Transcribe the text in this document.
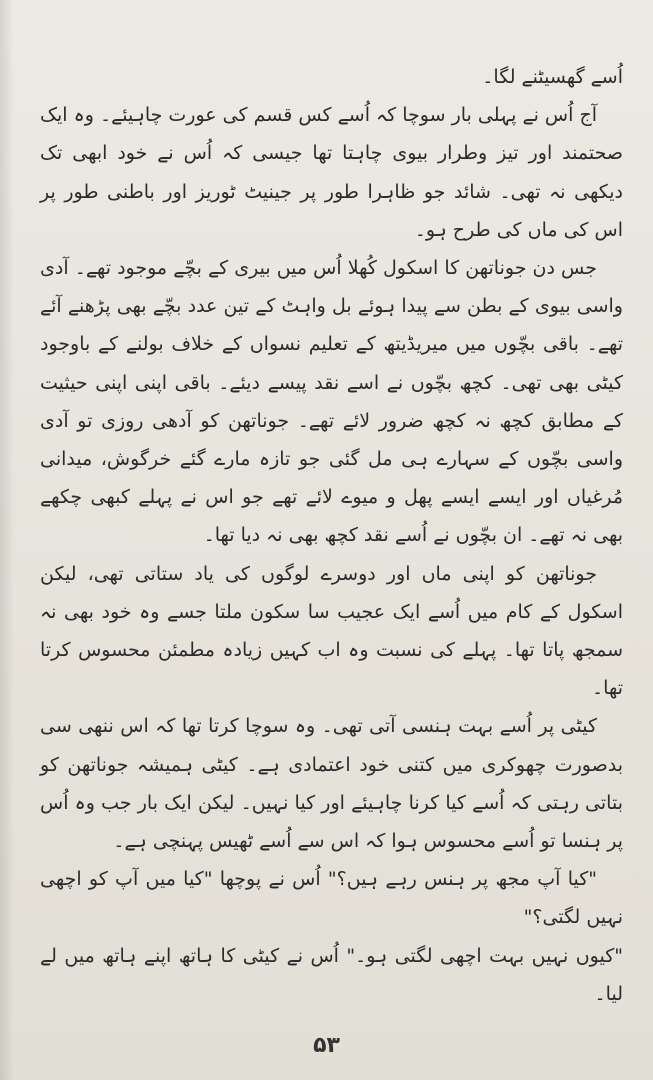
اُسے گھسیٹنے لگا۔

آج اُس نے پہلی بار سوچا کہ اُسے کس قسم کی عورت چاہیئے۔ وہ ایک صحتمند اور تیز وطرار بیوی چاہتا تھا جیسی کہ اُس نے خود ابھی تک دیکھی نہ تھی۔ شائد جو ظاہرا طور پر جینیٹ ٹوریز اور باطنی طور پر اس کی ماں کی طرح ہو۔

جس دن جوناتھن کا اسکول کُھلا اُس میں بیری کے بچّے موجود تھے۔ آدی واسی بیوی کے بطن سے پیدا ہوئے بل واہٹ کے تین عدد بچّے بھی پڑھنے آئے تھے۔ باقی بچّوں میں میریڈیتھ کے تعلیم نسواں کے خلاف بولنے کے باوجود کیٹی بھی تھی۔ کچھ بچّوں نے اسے نقد پیسے دیئے۔ باقی اپنی اپنی حیثیت کے مطابق کچھ نہ کچھ ضرور لائے تھے۔ جوناتھن کو آدھی روزی تو آدی واسی بچّوں کے سہارے ہی مل گئی جو تازہ مارے گئے خرگوش، میدانی مُرغیاں اور ایسے ایسے پھل و میوے لائے تھے جو اس نے پہلے کبھی چکھے بھی نہ تھے۔ ان بچّوں نے اُسے نقد کچھ بھی نہ دیا تھا۔

جوناتھن کو اپنی ماں اور دوسرے لوگوں کی یاد ستاتی تھی، لیکن اسکول کے کام میں اُسے ایک عجیب سا سکون ملتا جسے وہ خود بھی نہ سمجھ پاتا تھا۔ پہلے کی نسبت وہ اب کہیں زیادہ مطمئن محسوس کرتا تھا۔

کیٹی پر اُسے بہت ہنسی آتی تھی۔ وہ سوچا کرتا تھا کہ اس ننھی سی بدصورت چھوکری میں کتنی خود اعتمادی ہے۔ کیٹی ہمیشہ جوناتھن کو بتاتی رہتی کہ اُسے کیا کرنا چاہیئے اور کیا نہیں۔ لیکن ایک بار جب وہ اُس پر ہنسا تو اُسے محسوس ہوا کہ اس سے اُسے ٹھیس پہنچی ہے۔

"کیا آپ مجھ پر ہنس رہے ہیں؟" اُس نے پوچھا "کیا میں آپ کو اچھی نہیں لگتی؟"

"کیوں نہیں بہت اچھی لگتی ہو۔" اُس نے کیٹی کا ہاتھ اپنے ہاتھ میں لے لیا۔

۵۳
